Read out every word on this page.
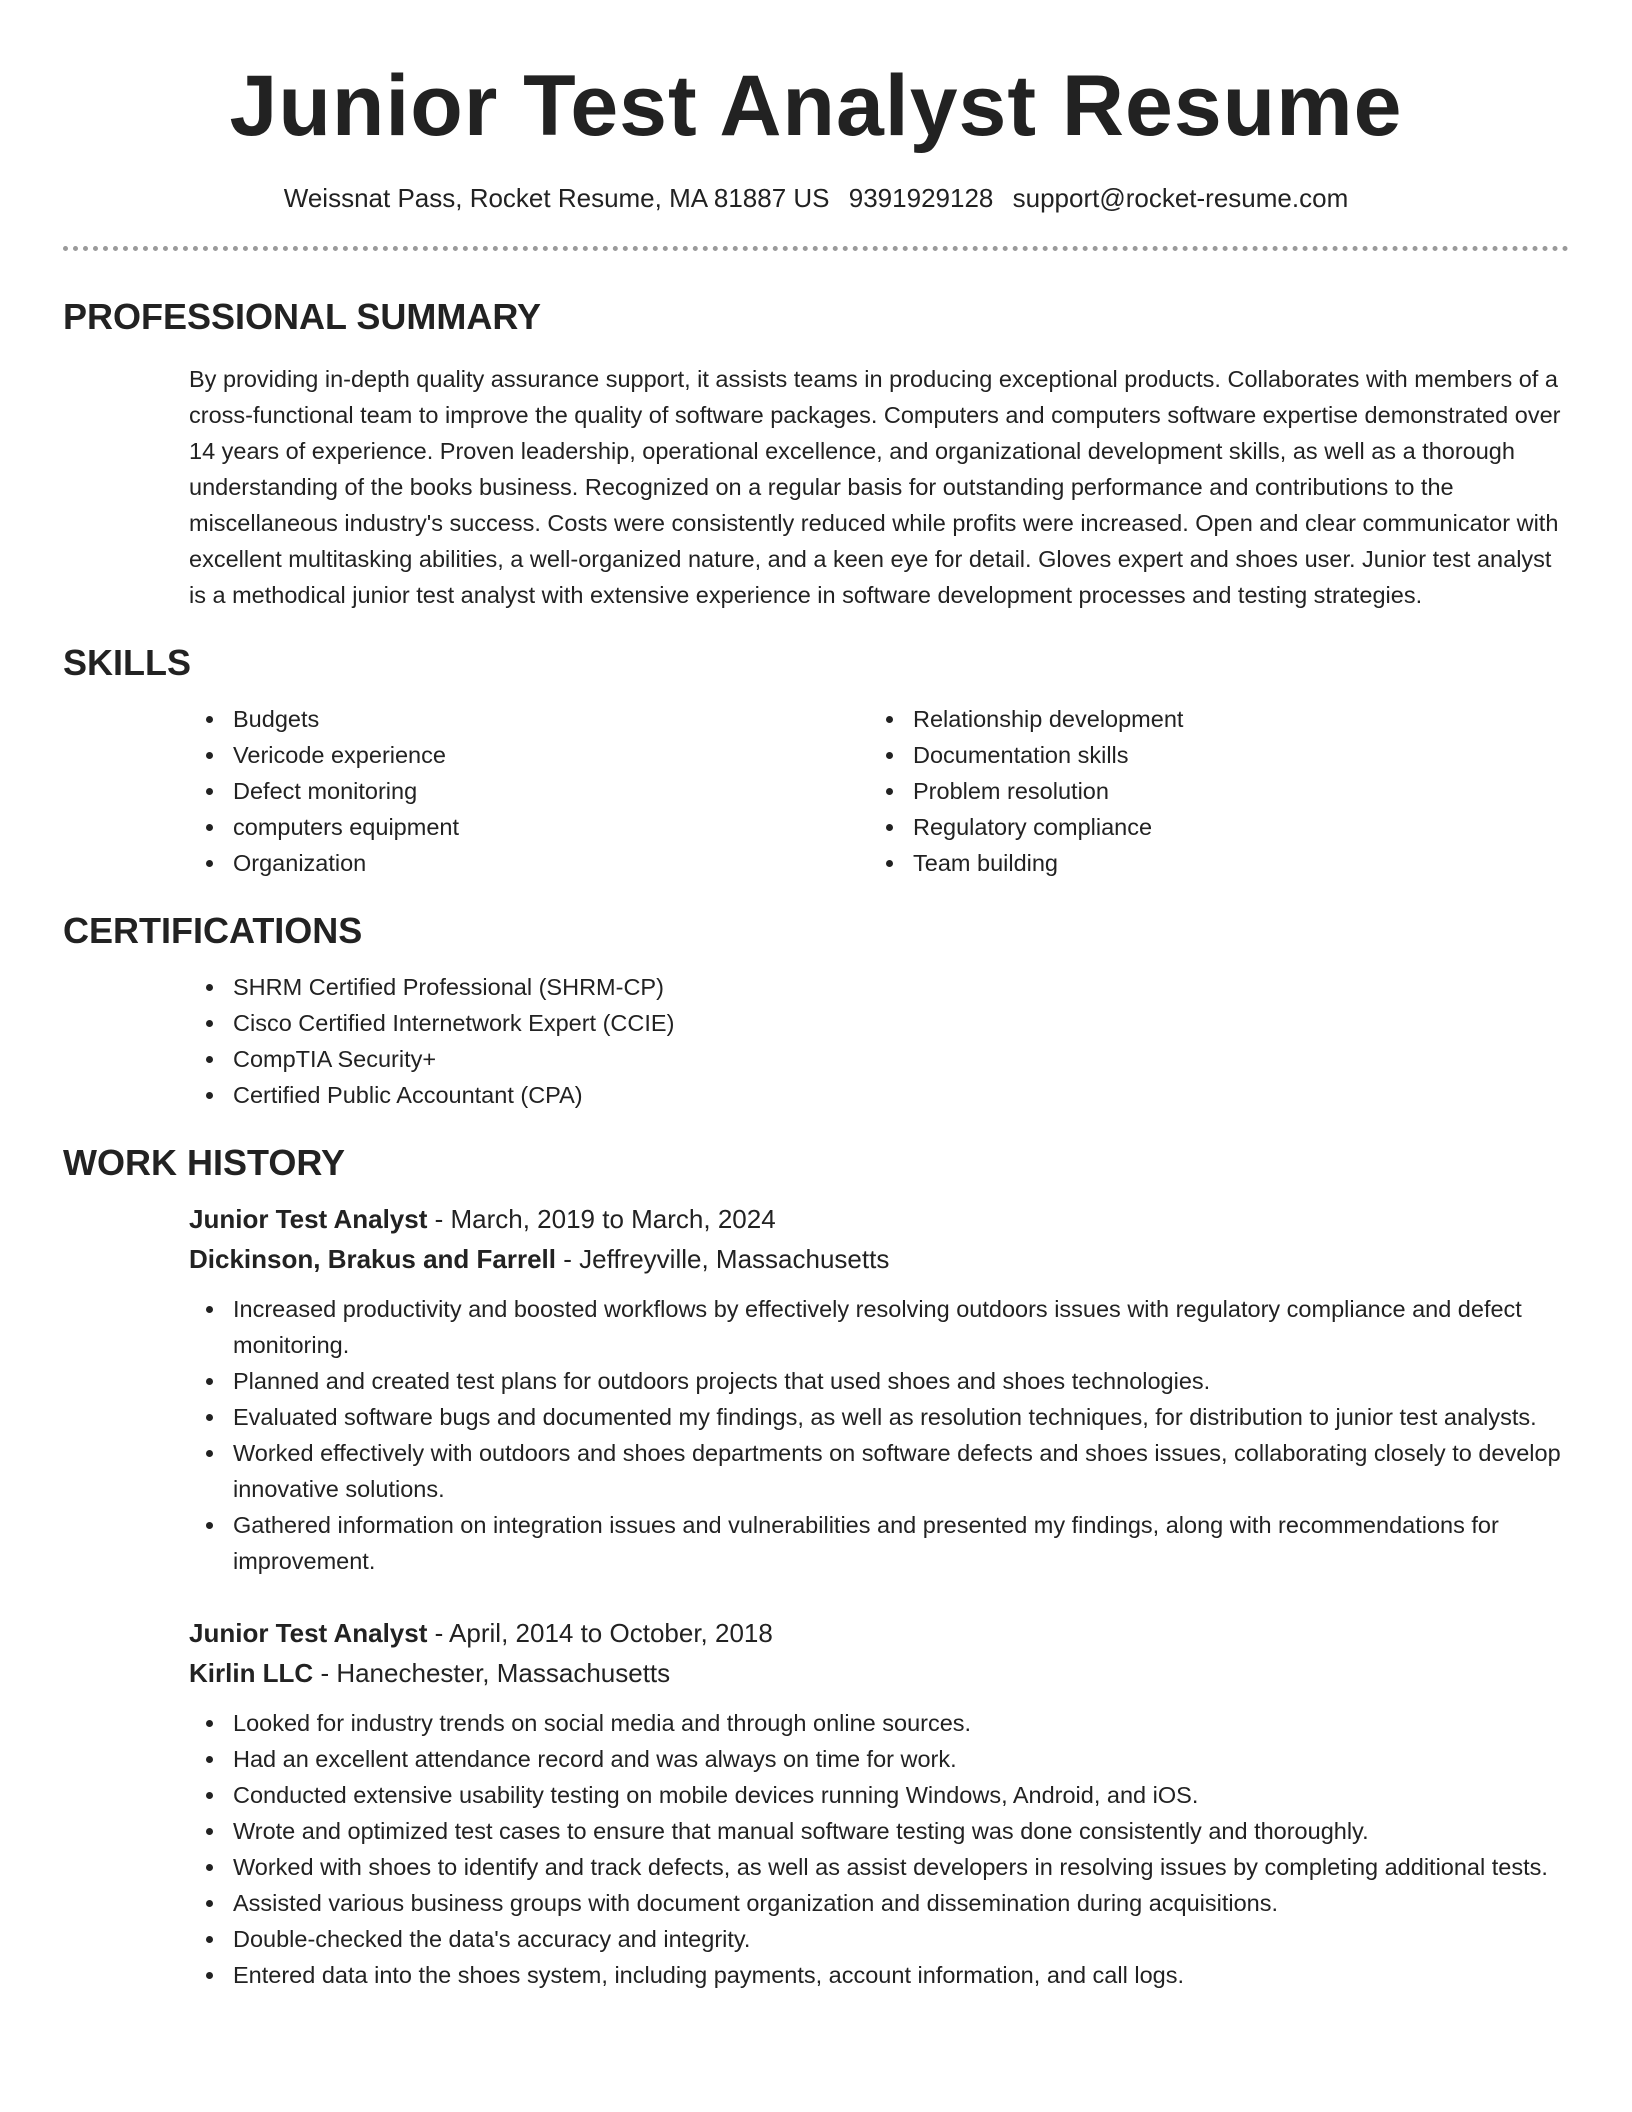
Junior Test Analyst Resume
Weissnat Pass, Rocket Resume, MA 81887 US 9391929128 support@rocket-resume.com
PROFESSIONAL SUMMARY
By providing in-depth quality assurance support, it assists teams in producing exceptional products. Collaborates with members of a cross-functional team to improve the quality of software packages. Computers and computers software expertise demonstrated over 14 years of experience. Proven leadership, operational excellence, and organizational development skills, as well as a thorough understanding of the books business. Recognized on a regular basis for outstanding performance and contributions to the miscellaneous industry's success. Costs were consistently reduced while profits were increased. Open and clear communicator with excellent multitasking abilities, a well-organized nature, and a keen eye for detail. Gloves expert and shoes user. Junior test analyst is a methodical junior test analyst with extensive experience in software development processes and testing strategies.
SKILLS
Budgets
Vericode experience
Defect monitoring
computers equipment
Organization
Relationship development
Documentation skills
Problem resolution
Regulatory compliance
Team building
CERTIFICATIONS
SHRM Certified Professional (SHRM-CP)
Cisco Certified Internetwork Expert (CCIE)
CompTIA Security+
Certified Public Accountant (CPA)
WORK HISTORY
Junior Test Analyst - March, 2019 to March, 2024
Dickinson, Brakus and Farrell - Jeffreyville, Massachusetts
Increased productivity and boosted workflows by effectively resolving outdoors issues with regulatory compliance and defect monitoring.
Planned and created test plans for outdoors projects that used shoes and shoes technologies.
Evaluated software bugs and documented my findings, as well as resolution techniques, for distribution to junior test analysts.
Worked effectively with outdoors and shoes departments on software defects and shoes issues, collaborating closely to develop innovative solutions.
Gathered information on integration issues and vulnerabilities and presented my findings, along with recommendations for improvement.
Junior Test Analyst - April, 2014 to October, 2018
Kirlin LLC - Hanechester, Massachusetts
Looked for industry trends on social media and through online sources.
Had an excellent attendance record and was always on time for work.
Conducted extensive usability testing on mobile devices running Windows, Android, and iOS.
Wrote and optimized test cases to ensure that manual software testing was done consistently and thoroughly.
Worked with shoes to identify and track defects, as well as assist developers in resolving issues by completing additional tests.
Assisted various business groups with document organization and dissemination during acquisitions.
Double-checked the data's accuracy and integrity.
Entered data into the shoes system, including payments, account information, and call logs.
